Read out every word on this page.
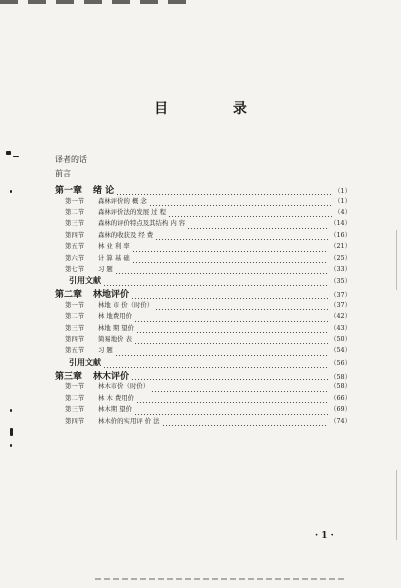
目 录
译者的话
前言
第一章	绪 论	（1）
第一节	森林评价的 概 念	（1）
第二节	森林评价法的发展 过 程	（4）
第三节	森林的评价特点及其结构 内 容	（14）
第四节	森林的收获及 经 费	（16）
第五节	林 业 利 率	（21）
第六节	计 算 基 础	（25）
第七节	习 题	（33）
引用文献	（35）
第二章	林地评价	（37）
第一节	林地 市 价（时价）	（37）
第二节	林 地费用价	（42）
第三节	林地 期 望价	（43）
第四节	简易地价 表	（50）
第五节	习 题	（54）
引用文献	（56）
第三章	林木评价	（58）
第一节	林木市价（时价）	（58）
第二节	林 木 费用价	（66）
第三节	林木期 望价	（69）
第四节	林木价的实用评 价 法	（74）
· 1 ·
